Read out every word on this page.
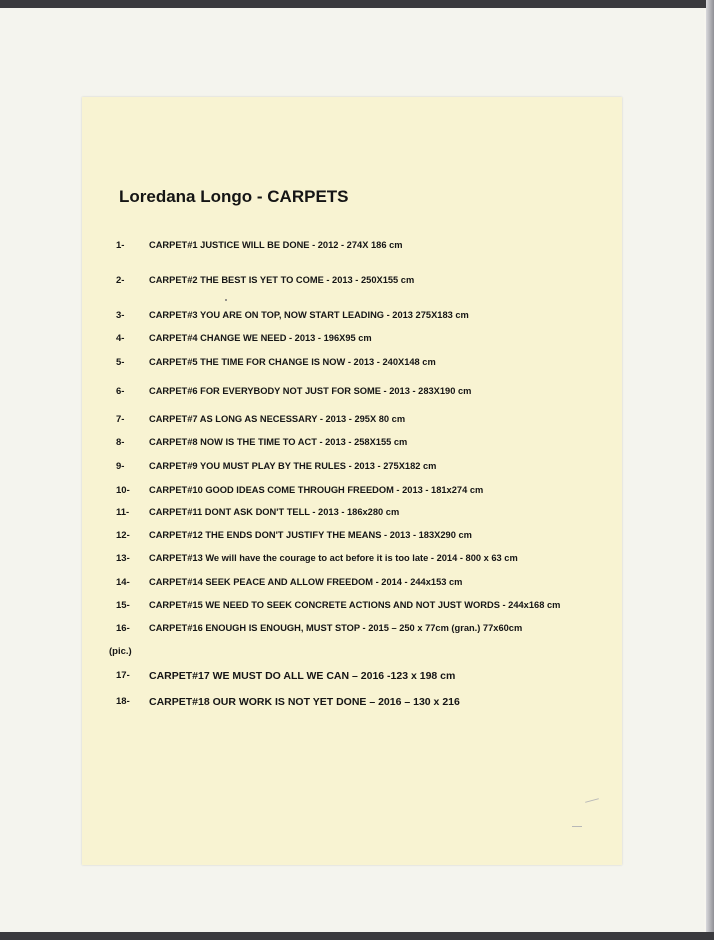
Loredana Longo - CARPETS
1-	CARPET#1 JUSTICE WILL BE DONE - 2012 - 274X 186 cm
2-	CARPET#2 THE BEST IS YET TO COME - 2013 - 250X155 cm
3-	CARPET#3 YOU ARE ON TOP, NOW START LEADING - 2013 275X183 cm
4-	CARPET#4 CHANGE WE NEED - 2013 - 196X95 cm
5-	CARPET#5 THE TIME FOR CHANGE IS NOW - 2013 - 240X148 cm
6-	CARPET#6 FOR EVERYBODY NOT JUST FOR SOME - 2013 - 283X190 cm
7-	CARPET#7 AS LONG AS NECESSARY - 2013 - 295X 80 cm
8-	CARPET#8 NOW IS THE TIME TO ACT - 2013 - 258X155 cm
9-	CARPET#9 YOU MUST PLAY BY THE RULES - 2013 - 275X182 cm
10- CARPET#10 GOOD IDEAS COME THROUGH FREEDOM - 2013 - 181x274 cm
11- CARPET#11 DONT ASK DON'T TELL - 2013 - 186x280 cm
12- CARPET#12 THE ENDS DON'T JUSTIFY THE MEANS - 2013 - 183X290 cm
13- CARPET#13 We will have the courage to act before it is too late - 2014 - 800 x 63 cm
14- CARPET#14 SEEK PEACE AND ALLOW FREEDOM - 2014 - 244x153 cm
15- CARPET#15 WE NEED TO SEEK CONCRETE ACTIONS AND NOT JUST WORDS - 244x168 cm
16- CARPET#16 ENOUGH IS ENOUGH, MUST STOP - 2015 – 250 x 77cm (gran.) 77x60cm
(pic.)
17- CARPET#17 WE MUST DO ALL WE CAN – 2016 -123 x 198 cm
18- CARPET#18 OUR WORK IS NOT YET DONE – 2016 – 130 x 216
